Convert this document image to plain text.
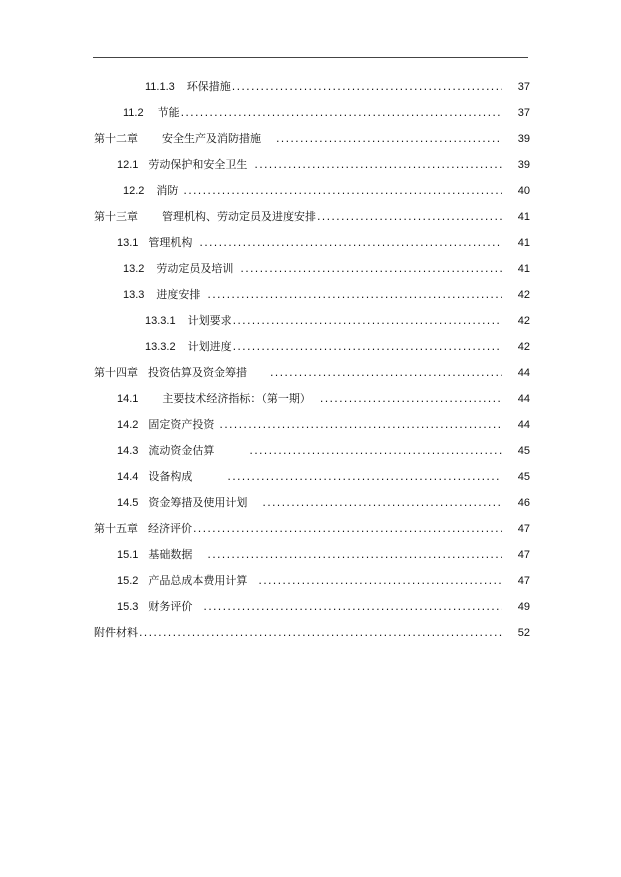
11.1.3 环保措施 .....	37
11.2 节能 .....	37
第十二章 安全生产及消防措施 .....	39
12.1 劳动保护和安全卫生 .....	39
12.2 消防 .....	40
第十三章 管理机构、劳动定员及进度安排 .....	41
13.1 管理机构 .....	41
13.2 劳动定员及培训 .....	41
13.3 进度安排 .....	42
13.3.1 计划要求 .....	42
13.3.2 计划进度 .....	42
第十四章 投资估算及资金筹措 .....	44
14.1 主要技术经济指标：（第一期） .....	44
14.2 固定资产投资 .....	44
14.3 流动资金估算 .....	45
14.4 设备构成 .....	45
14.5 资金筹措及使用计划 .....	46
第十五章 经济评价 .....	47
15.1 基础数据 .....	47
15.2 产品总成本费用计算 .....	47
15.3 财务评价 .....	49
附件材料 .....	52
